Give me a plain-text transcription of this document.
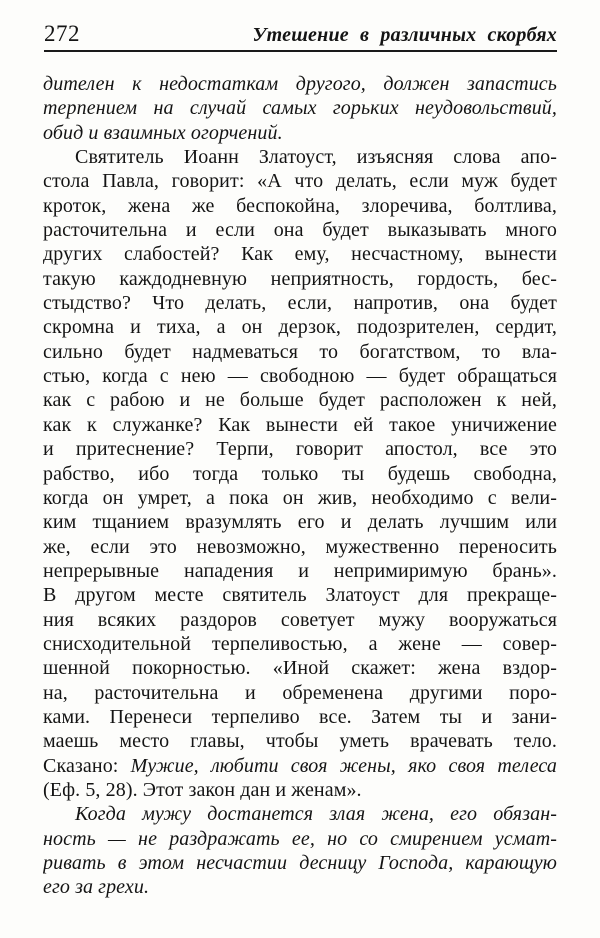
272	Утешение в различных скорбях
дителен к недостаткам другого, должен запастись
терпением на случай самых горьких неудовольствий,
обид и взаимных огорчений.
Святитель Иоанн Златоуст, изъясняя слова апо-
стола Павла, говорит: «А что делать, если муж будет
кроток, жена же беспокойна, злоречива, болтлива,
расточительна и если она будет выказывать много
других слабостей? Как ему, несчастному, вынести
такую каждодневную неприятность, гордость, бес-
стыдство? Что делать, если, напротив, она будет
скромна и тиха, а он дерзок, подозрителен, сердит,
сильно будет надмеваться то богатством, то вла-
стью, когда с нею — свободною — будет обращаться
как с рабою и не больше будет расположен к ней,
как к служанке? Как вынести ей такое уничижение
и притеснение? Терпи, говорит апостол, все это
рабство, ибо тогда только ты будешь свободна,
когда он умрет, а пока он жив, необходимо с вели-
ким тщанием вразумлять его и делать лучшим или
же, если это невозможно, мужественно переносить
непрерывные нападения и непримиримую брань».
В другом месте святитель Златоуст для прекраще-
ния всяких раздоров советует мужу вооружаться
снисходительной терпеливостью, а жене — совер-
шенной покорностью. «Иной скажет: жена вздор-
на, расточительна и обременена другими поро-
ками. Перенеси терпеливо все. Затем ты и зани-
маешь место главы, чтобы уметь врачевать тело.
Сказано: Мужие, любити своя жены, яко своя телеса
(Еф. 5, 28). Этот закон дан и женам».
Когда мужу достанется злая жена, его обязан-
ность — не раздражать ее, но со смирением усмат-
ривать в этом несчастии десницу Господа, карающую
его за грехи.
